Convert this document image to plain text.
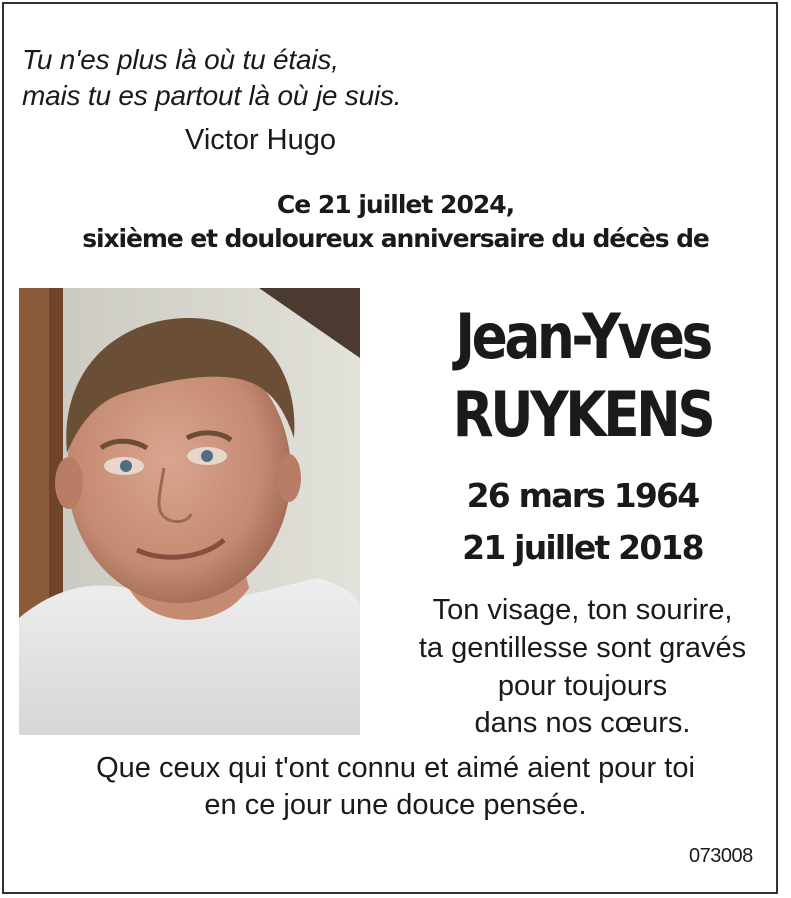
Tu n'es plus là où tu étais,

mais tu es partout là où je suis.

Victor Hugo

Ce 21 juillet 2024,

sixième et douloureux anniversaire du décès de

Jean-Yves

RUYKENS

26 mars 1964

21 juillet 2018

Ton visage, ton sourire,

ta gentillesse sont gravés

pour toujours

dans nos cœurs.

Que ceux qui t'ont connu et aimé aient pour toi

en ce jour une douce pensée.

073008
